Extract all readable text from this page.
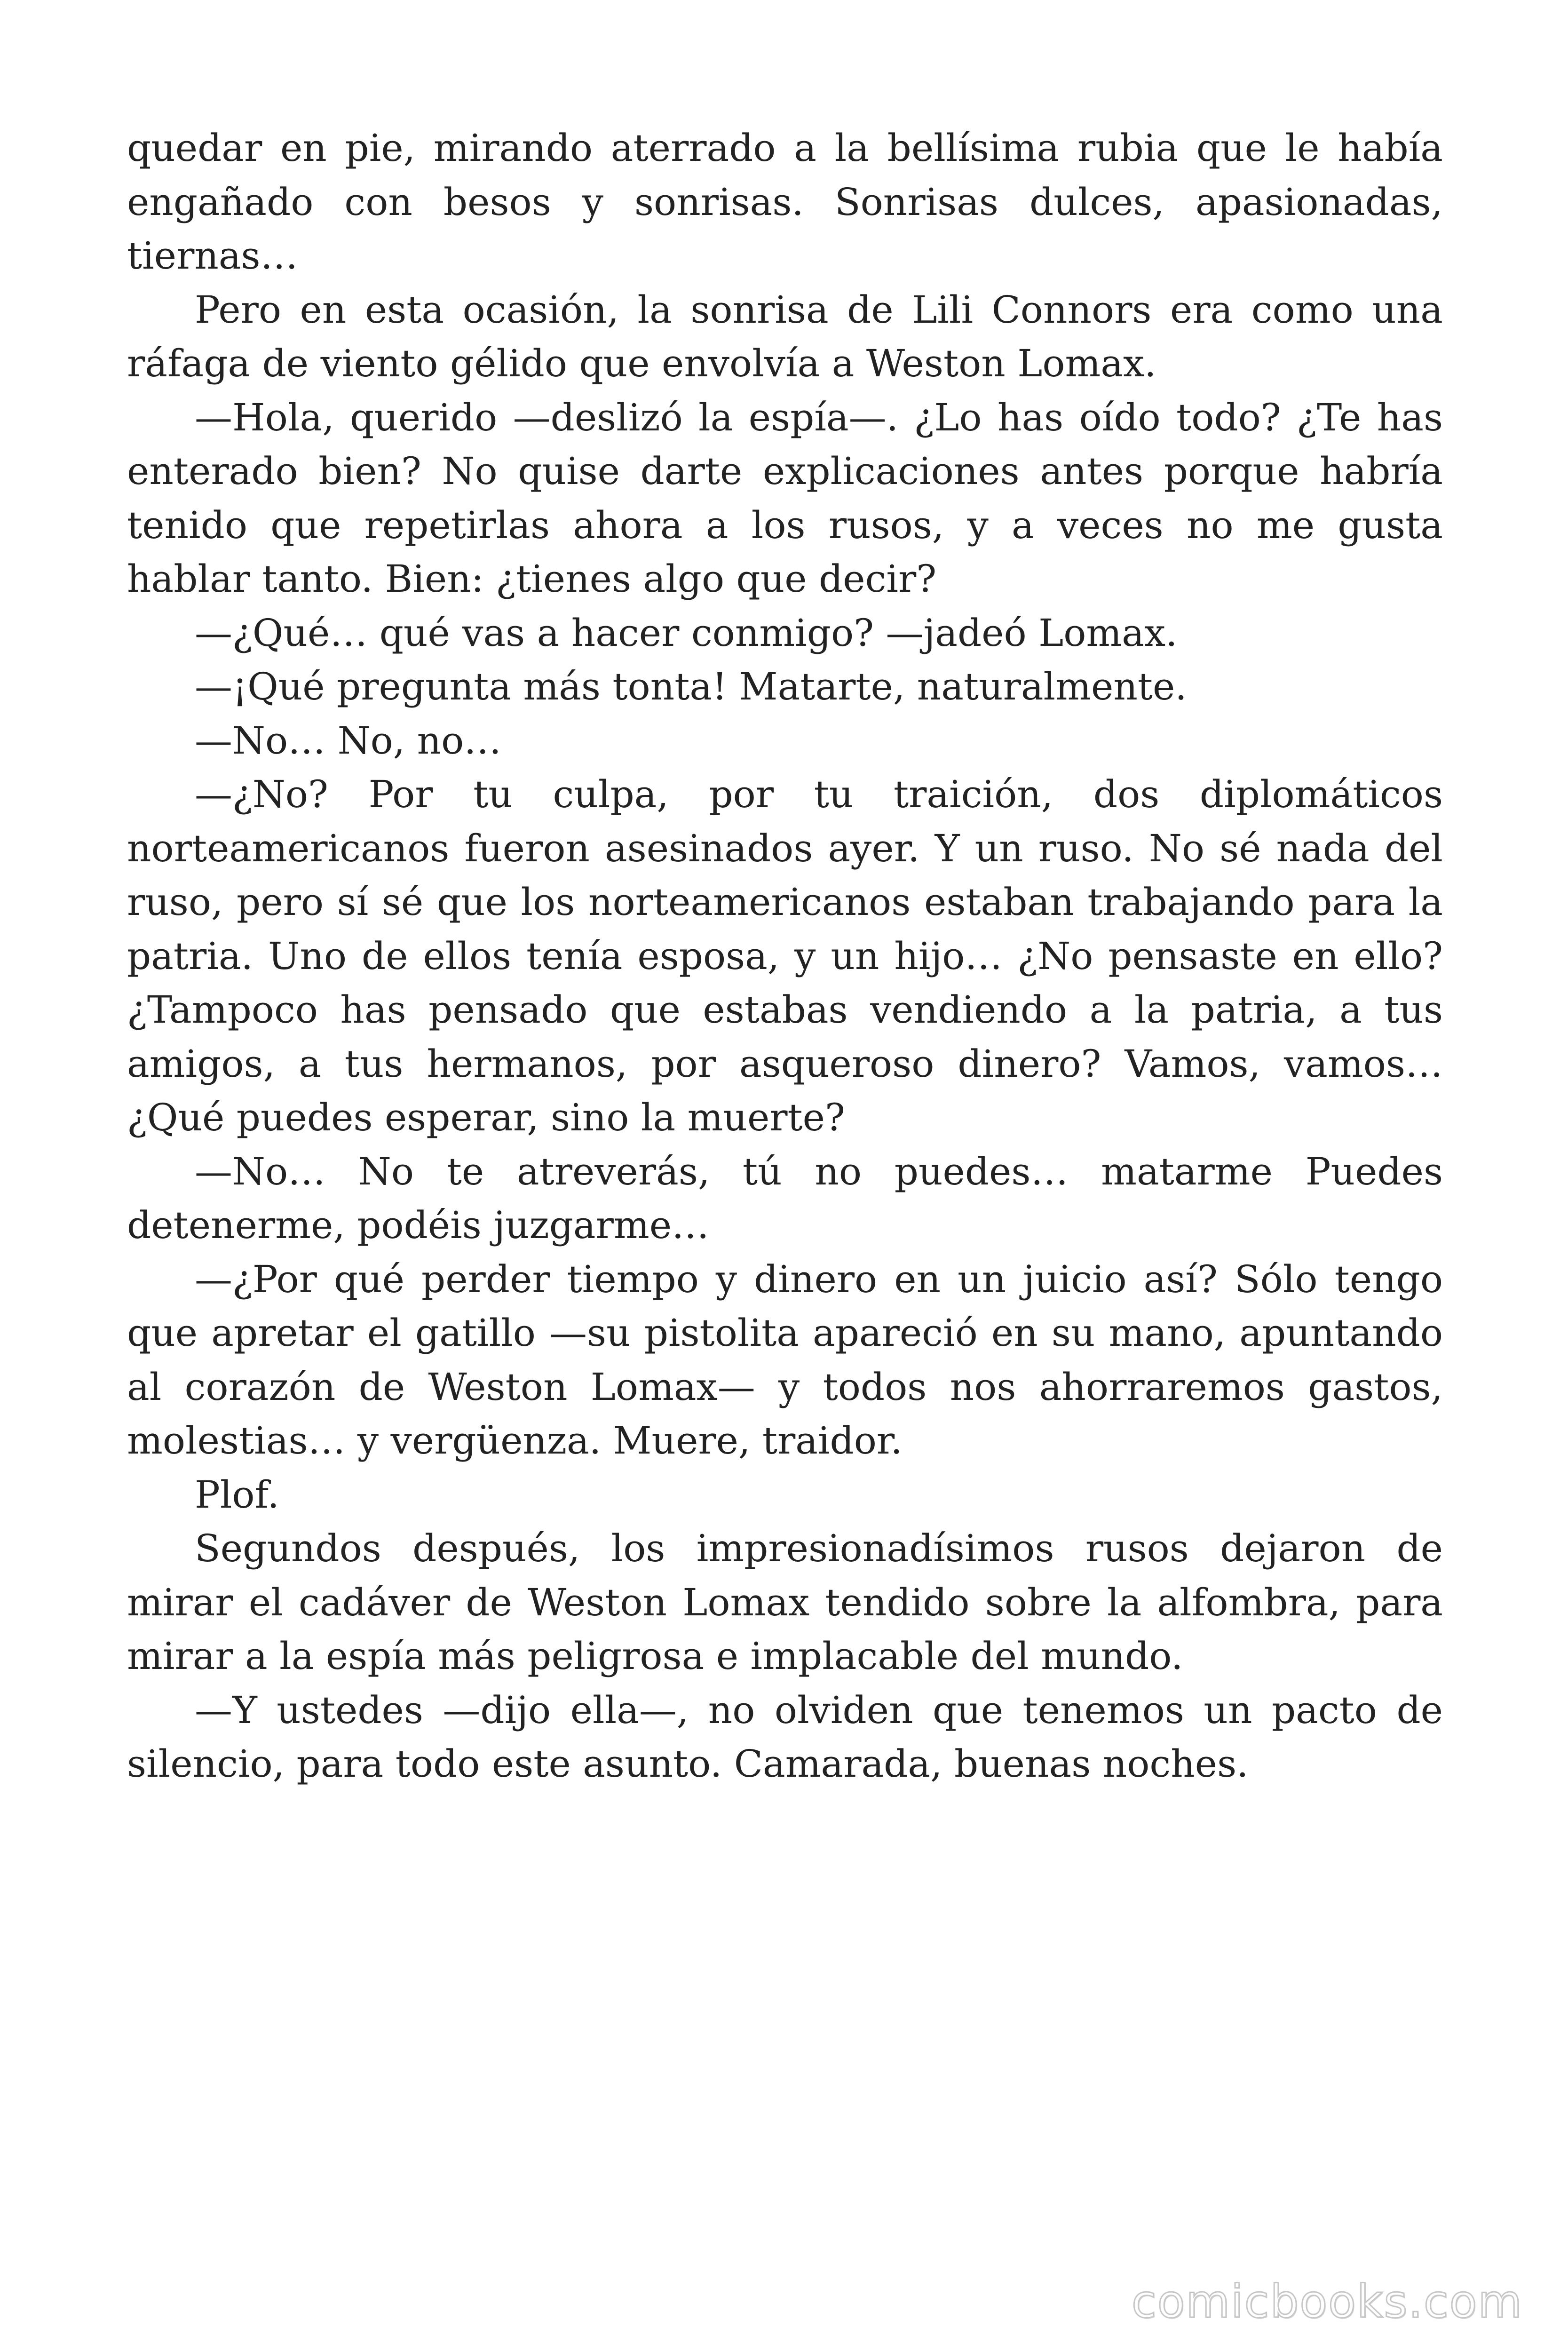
quedar en pie, mirando aterrado a la bellísima rubia que le había engañado con besos y sonrisas. Sonrisas dulces, apasionadas, tiernas…

Pero en esta ocasión, la sonrisa de Lili Connors era como una ráfaga de viento gélido que envolvía a Weston Lomax.

—Hola, querido —deslizó la espía—. ¿Lo has oído todo? ¿Te has enterado bien? No quise darte explicaciones antes porque habría tenido que repetirlas ahora a los rusos, y a veces no me gusta hablar tanto. Bien: ¿tienes algo que decir?

—¿Qué… qué vas a hacer conmigo? —jadeó Lomax.

—¡Qué pregunta más tonta! Matarte, naturalmente.

—No… No, no…

—¿No? Por tu culpa, por tu traición, dos diplomáticos norteamericanos fueron asesinados ayer. Y un ruso. No sé nada del ruso, pero sí sé que los norteamericanos estaban trabajando para la patria. Uno de ellos tenía esposa, y un hijo… ¿No pensaste en ello? ¿Tampoco has pensado que estabas vendiendo a la patria, a tus amigos, a tus hermanos, por asqueroso dinero? Vamos, vamos… ¿Qué puedes esperar, sino la muerte?

—No… No te atreverás, tú no puedes… matarme Puedes detenerme, podéis juzgarme…

—¿Por qué perder tiempo y dinero en un juicio así? Sólo tengo que apretar el gatillo —su pistolita apareció en su mano, apuntando al corazón de Weston Lomax— y todos nos ahorraremos gastos, molestias… y vergüenza. Muere, traidor.

Plof.

Segundos después, los impresionadísimos rusos dejaron de mirar el cadáver de Weston Lomax tendido sobre la alfombra, para mirar a la espía más peligrosa e implacable del mundo.

—Y ustedes —dijo ella—, no olviden que tenemos un pacto de silencio, para todo este asunto. Camarada, buenas noches.

comicbooks.com
